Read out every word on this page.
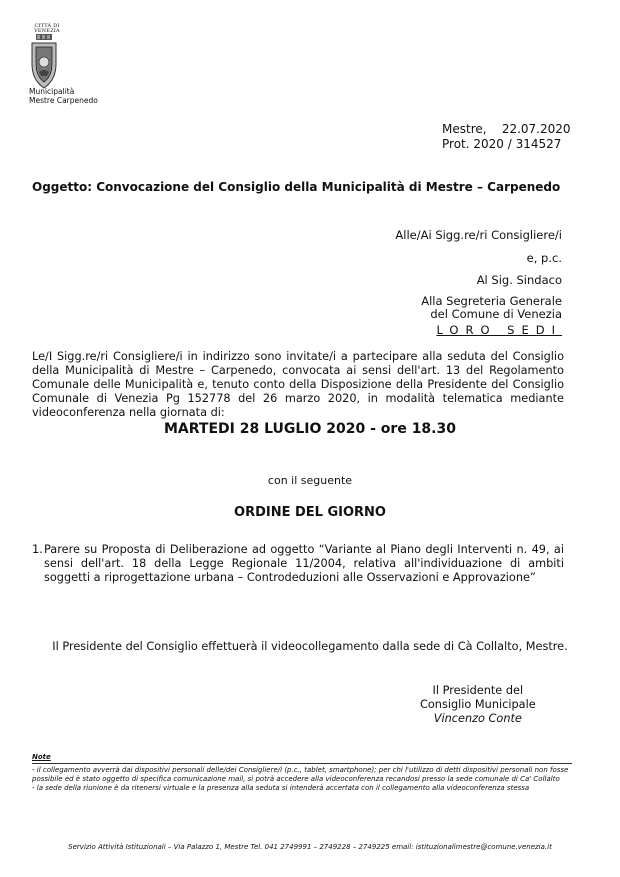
CITTÀ DI VENEZIA
Municipalità
Mestre Carpenedo
Mestre,    22.07.2020
Prot. 2020 / 314527
Oggetto: Convocazione del Consiglio della Municipalità di Mestre – Carpenedo
Alle/Ai Sigg.re/ri Consigliere/i
e, p.c.
Al Sig. Sindaco
Alla Segreteria Generale
del Comune di Venezia
LORO SEDI
Le/I Sigg.re/ri Consigliere/i in indirizzo sono invitate/i a partecipare alla seduta del Consiglio della Municipalità di Mestre – Carpenedo, convocata ai sensi dell'art. 13 del Regolamento Comunale delle Municipalità e, tenuto conto della Disposizione della Presidente del Consiglio Comunale di Venezia Pg 152778 del 26 marzo 2020, in modalità telematica mediante videoconferenza nella giornata di:
MARTEDI 28 LUGLIO 2020 - ore 18.30
con il seguente
ORDINE DEL GIORNO
1. Parere su Proposta di Deliberazione ad oggetto “Variante al Piano degli Interventi n. 49, ai sensi dell'art. 18 della Legge Regionale 11/2004, relativa all'individuazione di ambiti soggetti a riprogettazione urbana – Controdeduzioni alle Osservazioni e Approvazione”
Il Presidente del Consiglio effettuerà il videocollegamento dalla sede di Cà Collalto, Mestre.
Il Presidente del
Consiglio Municipale
Vincenzo Conte
Note
- il collegamento avverrà dai dispositivi personali delle/dei Consigliere/i (p.c., tablet, smartphone); per chi l'utilizzo di detti dispositivi personali non fosse possibile ed è stato oggetto di specifica comunicazione mail, si potrà accedere alla videoconferenza recandosi presso la sede comunale di Ca' Collalto
- la sede della riunione è da ritenersi virtuale e la presenza alla seduta si intenderà accertata con il collegamento alla videoconferenza stessa
Servizio Attività Istituzionali – Via Palazzo 1, Mestre Tel. 041 2749991 – 2749228 – 2749225 email: istituzionalimestre@comune.venezia.it
